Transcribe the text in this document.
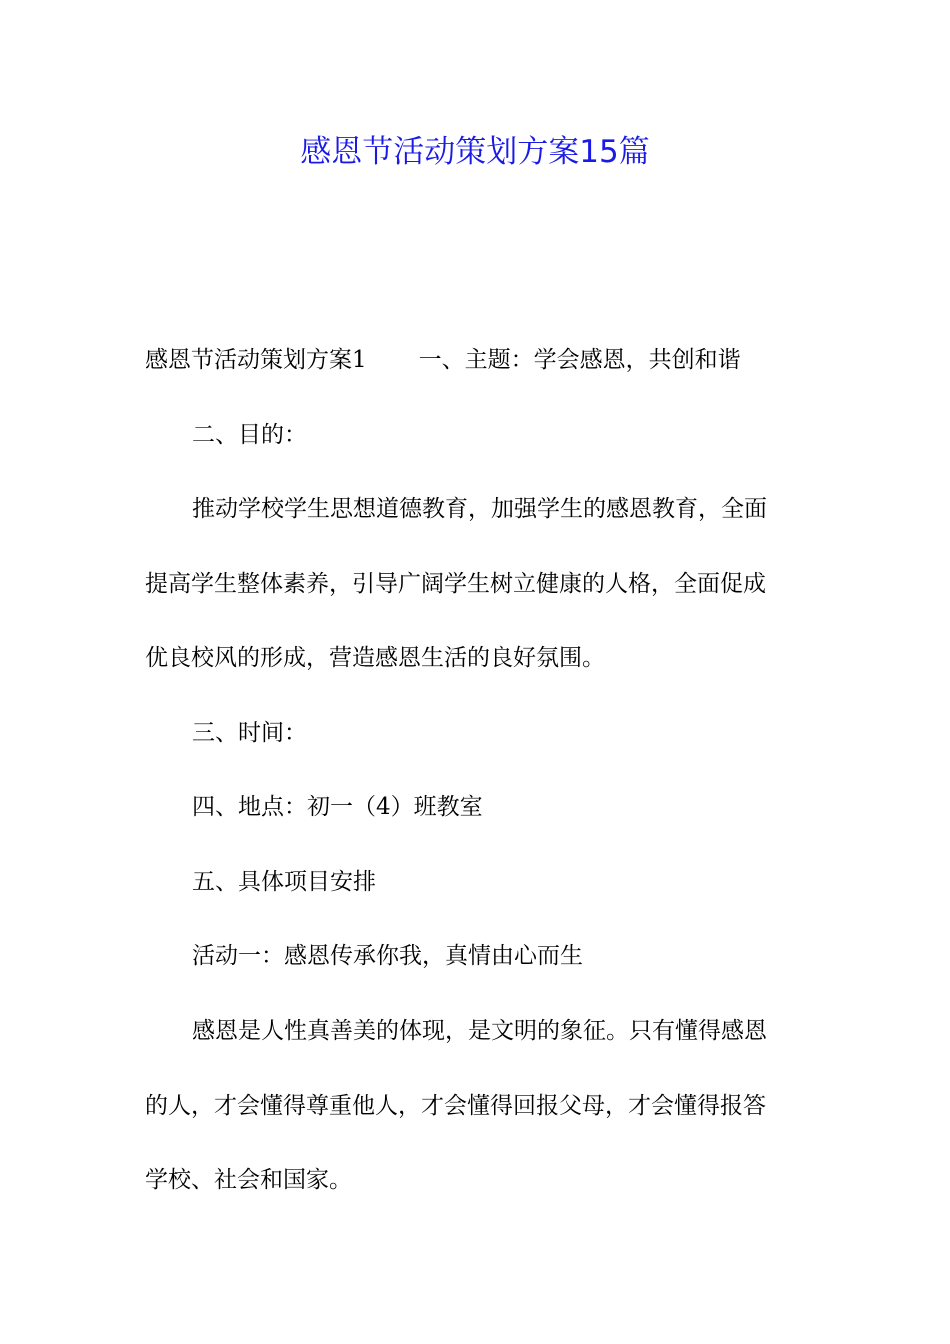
感恩节活动策划方案15篇
感恩节活动策划方案1 一、主题：学会感恩，共创和谐
二、目的：
推动学校学生思想道德教育，加强学生的感恩教育，全面
提高学生整体素养，引导广阔学生树立健康的人格，全面促成
优良校风的形成，营造感恩生活的良好氛围。
三、时间：
四、地点：初一（4）班教室
五、具体项目安排
活动一：感恩传承你我，真情由心而生
感恩是人性真善美的体现，是文明的象征。只有懂得感恩
的人，才会懂得尊重他人，才会懂得回报父母，才会懂得报答
学校、社会和国家。
